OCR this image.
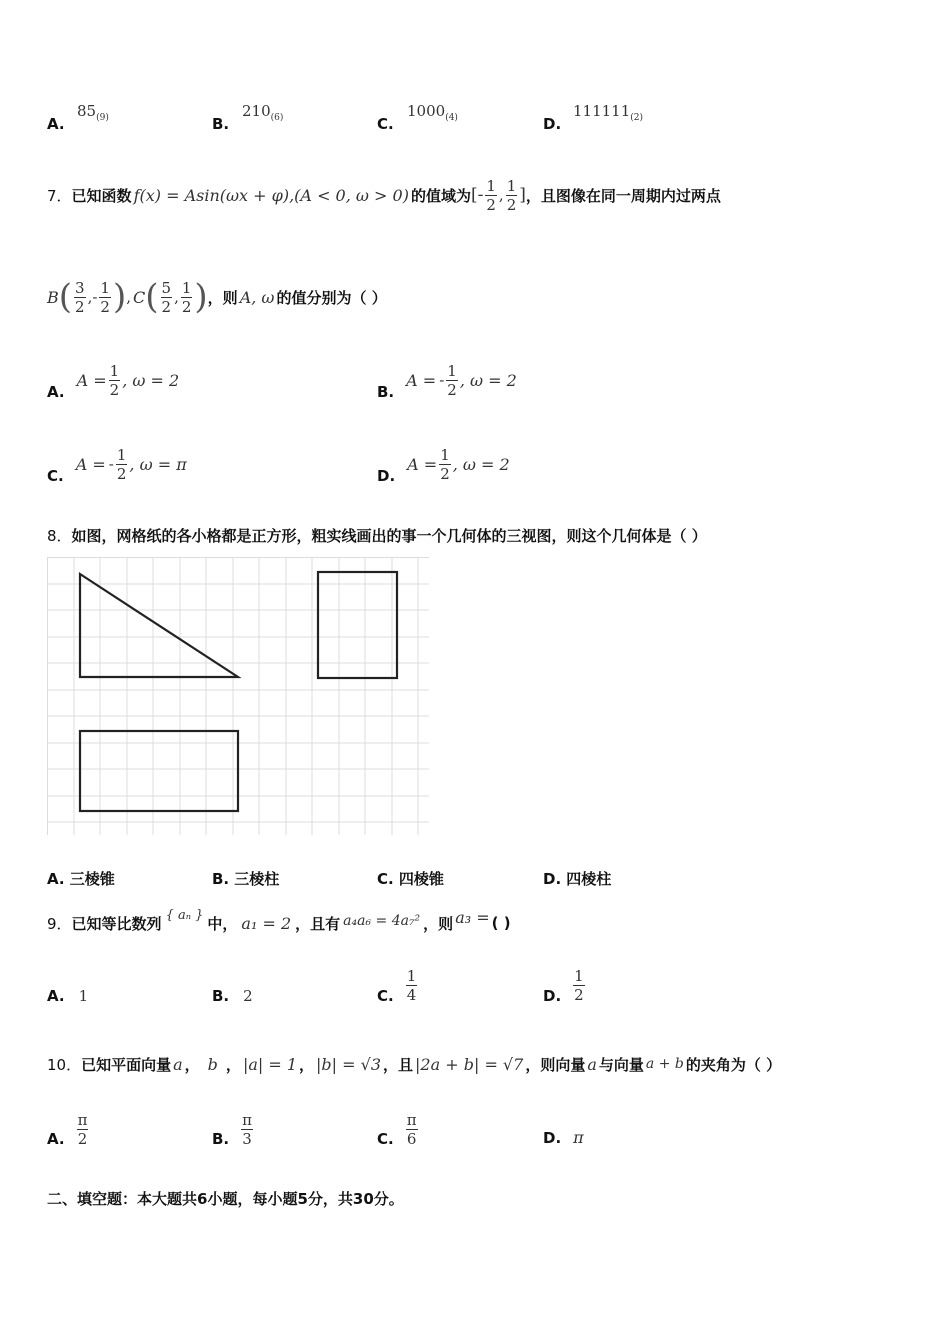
A.
$85_{(9)}$	B.
$210_{(6)}$	C.
$1000_{(4)}$	D.
$111111_{(2)}$
7． 已知函数 f(x) = Asin(ωx + φ),(A < 0, ω > 0) 的值域为 [- $\frac{1}{2}$ , $\frac{1}{2}$ ] ，且图像在同一周期内过两点
B ( $\frac{3}{2}$ ,- $\frac{1}{2}$ ) , C ( $\frac{5}{2}$ , $\frac{1}{2}$ ) ，则 A, ω 的值分别为（ ）
A.
$A = \frac{1}{2}$ , ω = 2
B.
A = - $\frac{1}{2}$ , ω = 2
C.
A = - $\frac{1}{2}$ , ω = π
D.
$A = \frac{1}{2}$ , ω = 2
8．如图，网格纸的各小格都是正方形，粗实线画出的事一个几何体的三视图，则这个几何体是（ ）
A. 三棱锥	B. 三棱柱	C. 四棱锥	D. 四棱柱
9． 已知等比数列 { aₙ } 中， a₁ = 2 ，且有 a₄a₆ = 4a₇² ，则 a₃ = ( )
A. 1	B. 2	C. $\frac{1}{4}$	D. $\frac{1}{2}$
10． 已知平面向量 a ， b ， |a| = 1 ， |b| = √3 ，且 |2a + b| = √7 ，则向量 a 与向量 a + b 的夹角为（ ）
A. $\frac{\pi}{2}$	B. $\frac{\pi}{3}$	C. $\frac{\pi}{6}$	D. π
二、填空题：本大题共6小题，每小题5分，共30分。
